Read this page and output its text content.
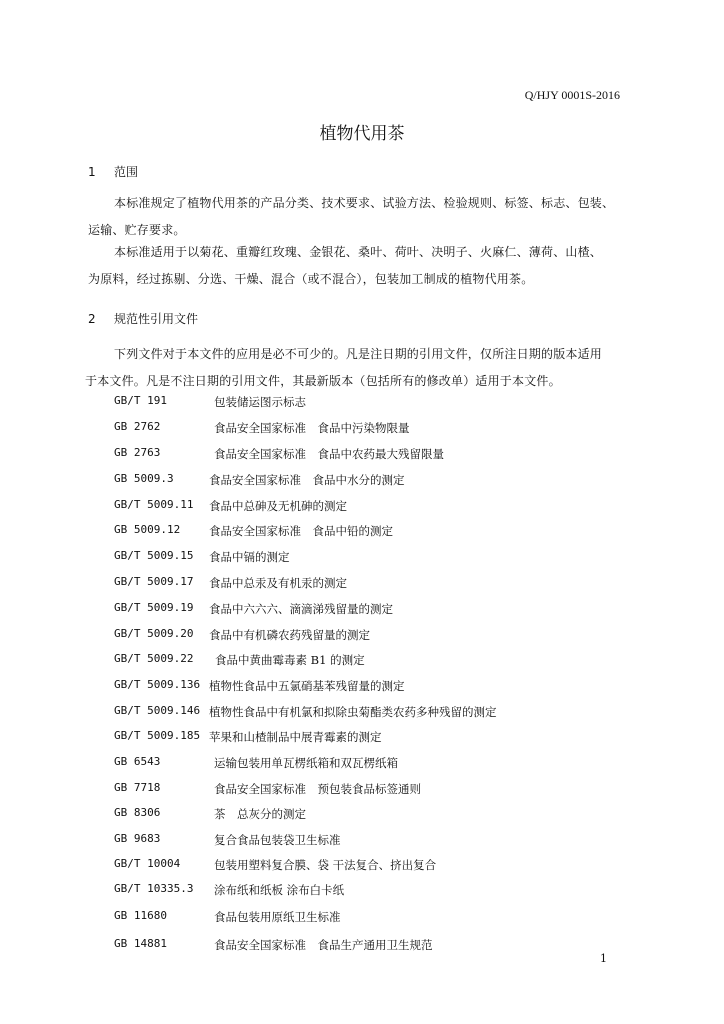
Q/HJY 0001S-2016
植物代用茶
1 范围
本标准规定了植物代用茶的产品分类、技术要求、试验方法、检验规则、标签、标志、包装、
运输、贮存要求。
本标准适用于以菊花、重瓣红玫瑰、金银花、桑叶、荷叶、决明子、火麻仁、薄荷、山楂、
为原料，经过拣剔、分选、干燥、混合（或不混合），包装加工制成的植物代用茶。
2 规范性引用文件
下列文件对于本文件的应用是必不可少的。凡是注日期的引用文件，仅所注日期的版本适用
于本文件。凡是不注日期的引用文件，其最新版本（包括所有的修改单）适用于本文件。
GB/T 191	包装储运图示标志
GB 2762	食品安全国家标准　食品中污染物限量
GB 2763	食品安全国家标准　食品中农药最大残留限量
GB 5009.3	食品安全国家标准　食品中水分的测定
GB/T 5009.11 食品中总砷及无机砷的测定
GB 5009.12	食品安全国家标准　食品中铅的测定
GB/T 5009.15 食品中镉的测定
GB/T 5009.17 食品中总汞及有机汞的测定
GB/T 5009.19 食品中六六六、滴滴涕残留量的测定
GB/T 5009.20 食品中有机磷农药残留量的测定
GB/T 5009.22 食品中黄曲霉毒素 B1 的测定
GB/T 5009.136 植物性食品中五氯硝基苯残留量的测定
GB/T 5009.146 植物性食品中有机氯和拟除虫菊酯类农药多种残留的测定
GB/T 5009.185 苹果和山楂制品中展青霉素的测定
GB 6543	运输包装用单瓦楞纸箱和双瓦楞纸箱
GB 7718	食品安全国家标准　预包装食品标签通则
GB 8306	茶　总灰分的测定
GB 9683	复合食品包装袋卫生标准
GB/T 10004	包装用塑料复合膜、袋 干法复合、挤出复合
GB/T 10335.3 涂布纸和纸板 涂布白卡纸
GB 11680	食品包装用原纸卫生标准
GB 14881	食品安全国家标准　食品生产通用卫生规范
1
